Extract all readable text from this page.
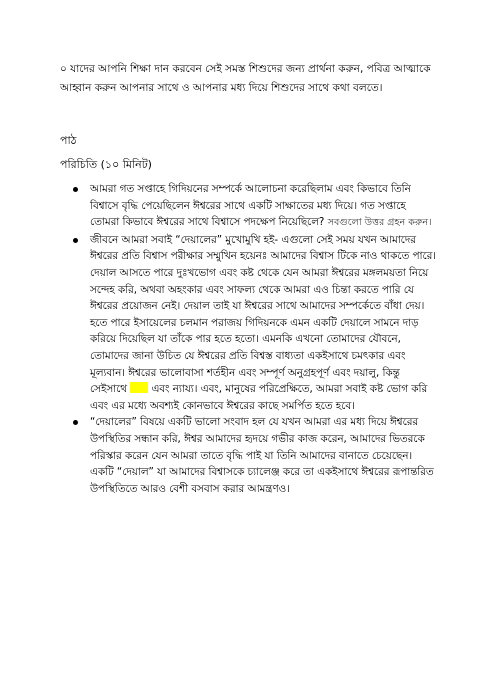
০ যাদের আপনি শিক্ষা দান করবেন সেই সমস্ত শিশুদের জন্য প্রার্থনা করুন, পবিত্র আত্মাকে আহ্বান করুন আপনার সাথে ও আপনার মধ্য দিয়ে শিশুদের সাথে কথা বলতে।
পাঠ
পরিচিতি (১০ মিনিট)
আমরা গত সপ্তাহে গিদিয়নের সম্পর্কে আলোচনা করেছিলাম এবং কিভাবে তিনি বিশ্বাসে বৃদ্ধি পেয়েছিলেন ঈশ্বরের সাথে একটি সাক্ষাতের মধ্য দিয়ে। গত সপ্তাহে তোমরা কিভাবে ঈশ্বরের সাথে বিশ্বাসে পদক্ষেপ নিয়েছিলে? সবগুলো উত্তর গ্রহন করুন।
জীবনে আমরা সবাই “দেয়ালের” মুখোমুখি হই- এগুলো সেই সময় যখন আমাদের ঈশ্বরের প্রতি বিশ্বাস পরীক্ষার সম্মুখিন হয়েনঃ আমাদের বিশ্বাস টিকে নাও থাকতে পারে। দেয়াল আসতে পারে দুঃখভোগ এবং কষ্ট থেকে যেন আমরা ঈশ্বরের মঙ্গলময়তা নিয়ে সন্দেহ করি, অথবা অহংকার এবং সাফল্য থেকে আমরা এও চিন্তা করতে পারি যে ঈশ্বরের প্রয়োজন নেই। দেয়াল তাই যা ঈশ্বরের সাথে আমাদের সম্পর্কেতে বাঁধা দেয়। হতে পারে ইসায়েলের চলমান পরাজয় গিদিয়নকে এমন একটি দেয়ালে সামনে দাড় করিয়ে দিয়েছিল যা তাঁকে পার হতে হতো। এমনকি এখনো তোমাদের যৌবনে, তোমাদের জানা উচিত যে ঈশ্বরের প্রতি বিশ্বস্ত বাধ্যতা একইসাথে চমৎকার এবং মূল্যবান। ঈশ্বরের ভালোবাসা শর্তহীন এবং সম্পূর্ণ অনুগ্রহপূর্ণ এবং দয়ালু, কিন্তু সেইসাথে  এবং ন্যায্য। এবং, মানুষের পরিপ্রেক্ষিতে, আমরা সবাই কষ্ট ভোগ করি এবং এর মধ্যে অবশ্যই কোনভাবে ঈশ্বরের কাছে সমর্পিত হতে হবে।
“দেয়ালের” বিষয়ে একটি ভালো সংবাদ হল যে যখন আমরা এর মধ্য দিয়ে ঈশ্বরের উপস্থিতির সন্ধান করি, ঈশ্বর আমাদের হৃদয়ে গভীর কাজ করেন, আমাদের ভিতরকে পরিস্কার করেন যেন আমরা তাতে বৃদ্ধি পাই যা তিনি আমাদের বানাতে চেয়েছেন। একটি “দেয়াল” যা আমাদের বিশ্বাসকে চ্যালেঞ্জ করে তা একইসাথে ঈশ্বরের রূপান্তরিত উপস্থিতিতে আরও বেশী বসবাস করার আমন্ত্রণও।
